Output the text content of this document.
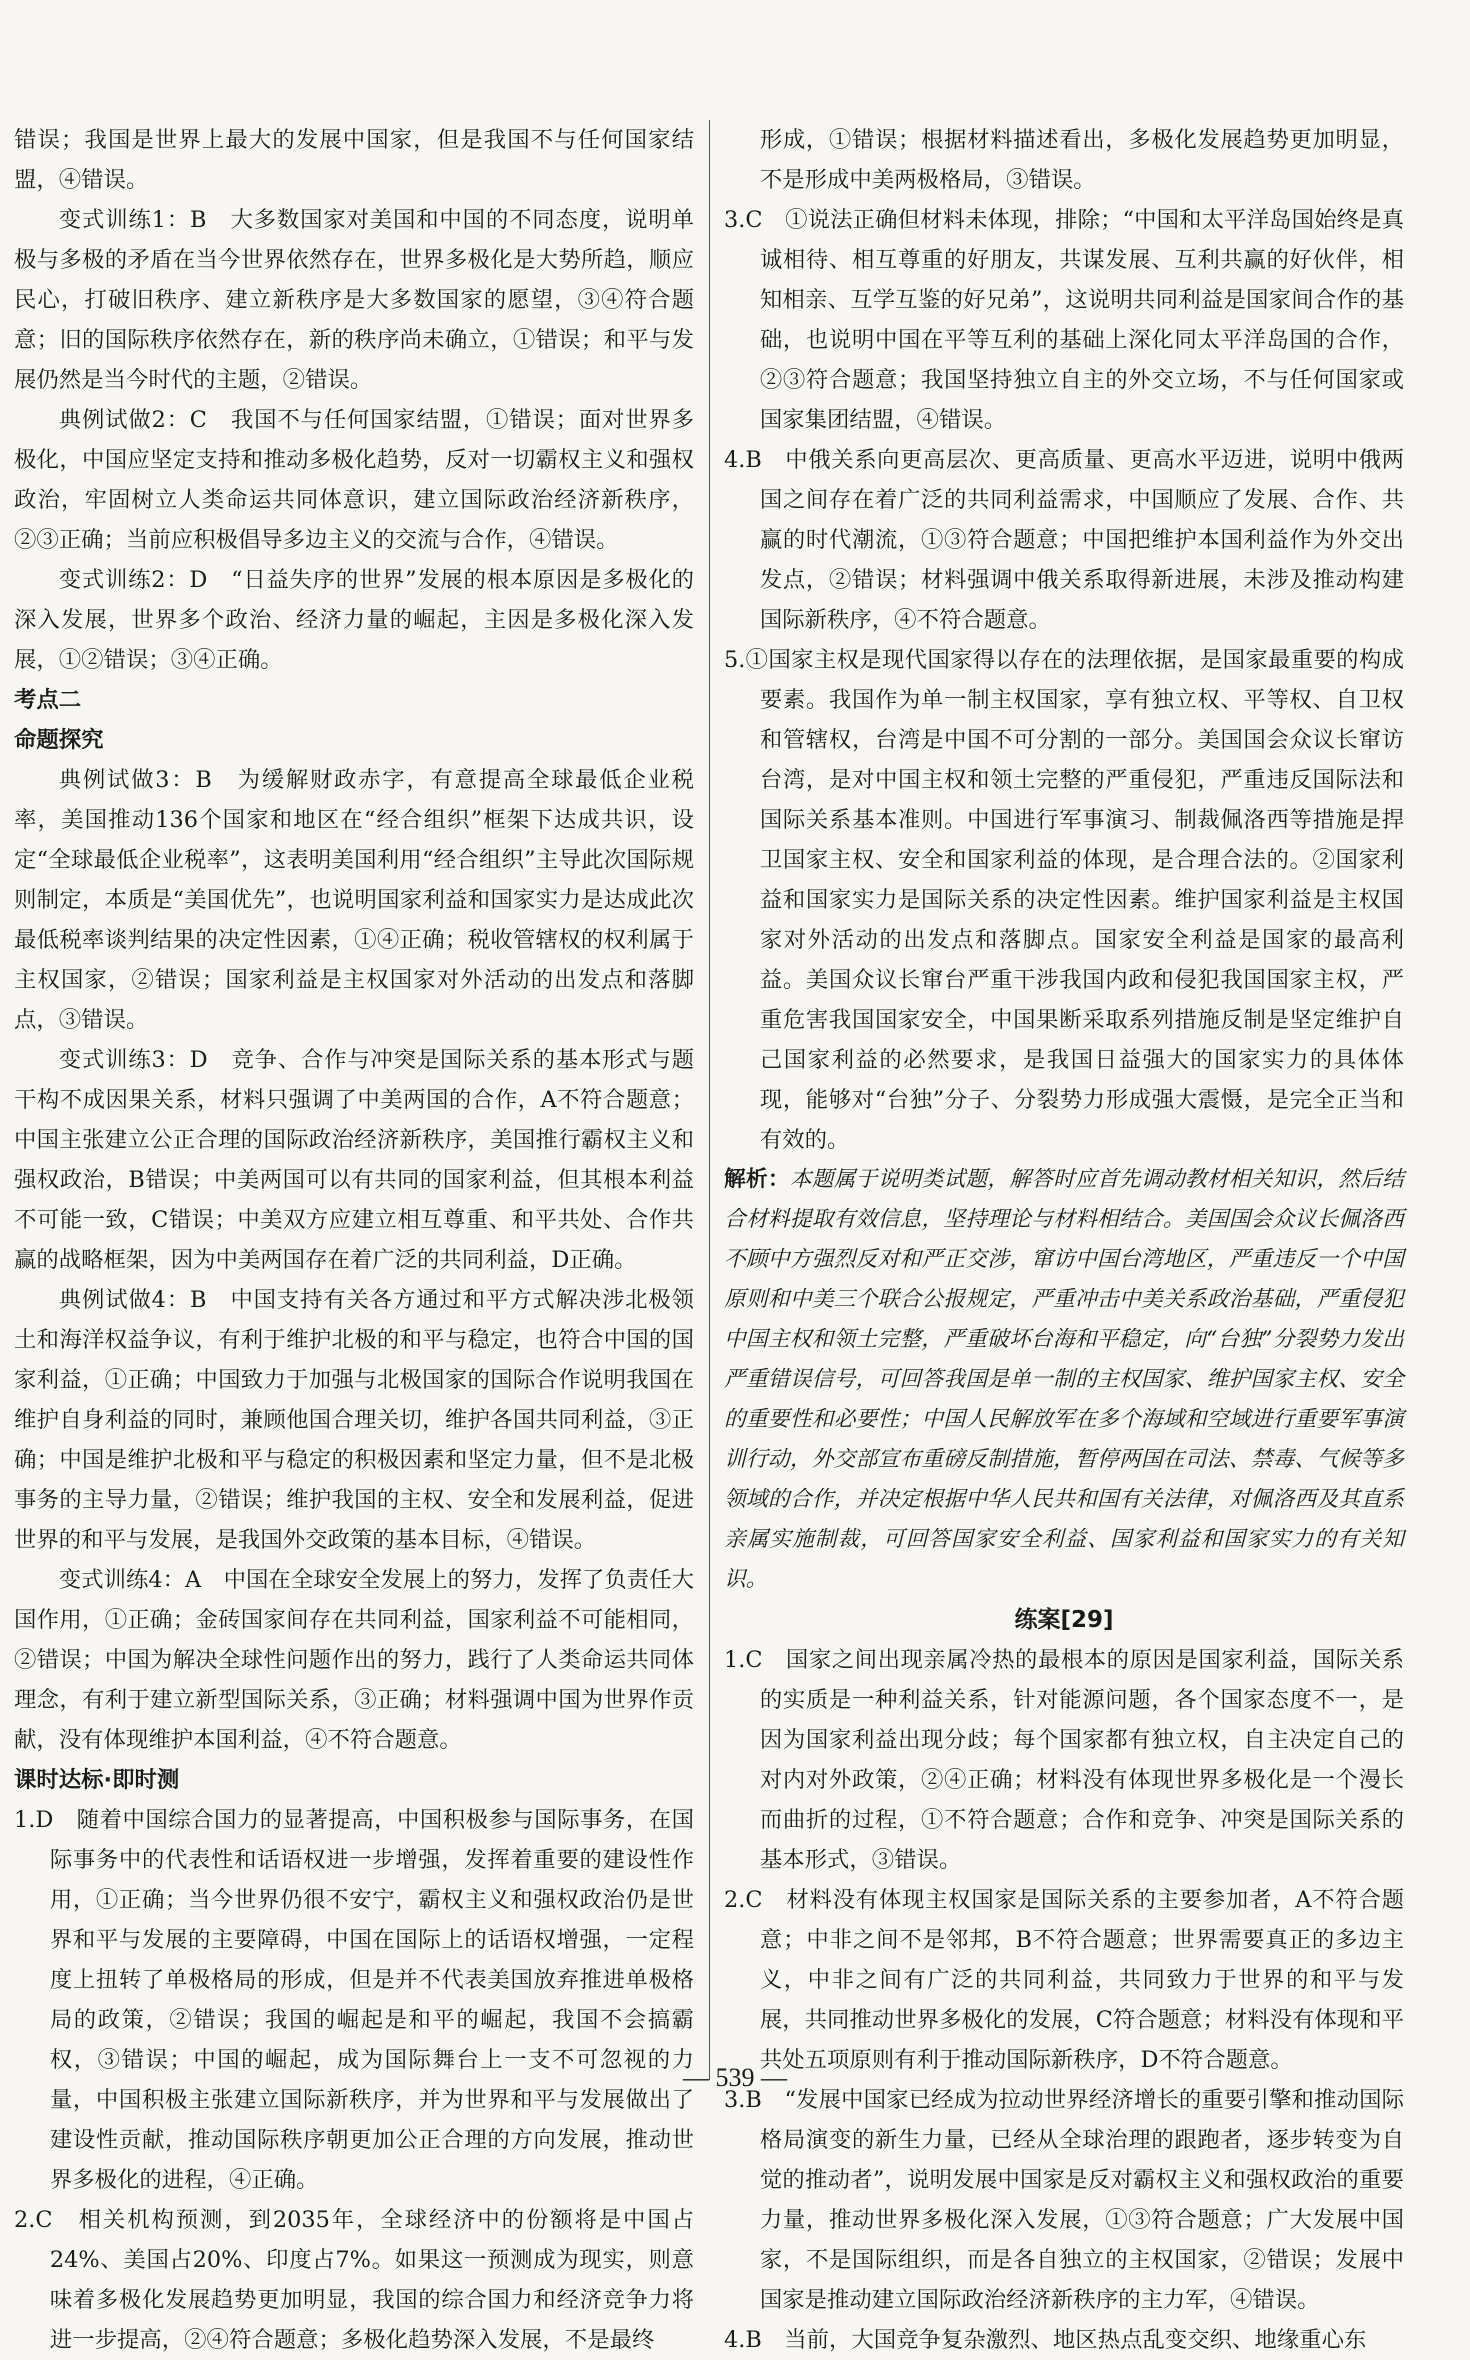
错误；我国是世界上最大的发展中国家，但是我国不与任何国家结盟，④错误。

变式训练1：B　大多数国家对美国和中国的不同态度，说明单极与多极的矛盾在当今世界依然存在，世界多极化是大势所趋，顺应民心，打破旧秩序、建立新秩序是大多数国家的愿望，③④符合题意；旧的国际秩序依然存在，新的秩序尚未确立，①错误；和平与发展仍然是当今时代的主题，②错误。

典例试做2：C　我国不与任何国家结盟，①错误；面对世界多极化，中国应坚定支持和推动多极化趋势，反对一切霸权主义和强权政治，牢固树立人类命运共同体意识，建立国际政治经济新秩序，②③正确；当前应积极倡导多边主义的交流与合作，④错误。

变式训练2：D　“日益失序的世界”发展的根本原因是多极化的深入发展，世界多个政治、经济力量的崛起，主因是多极化深入发展，①②错误；③④正确。

考点二

命题探究

典例试做3：B　为缓解财政赤字，有意提高全球最低企业税率，美国推动136个国家和地区在“经合组织”框架下达成共识，设定“全球最低企业税率”，这表明美国利用“经合组织”主导此次国际规则制定，本质是“美国优先”，也说明国家利益和国家实力是达成此次最低税率谈判结果的决定性因素，①④正确；税收管辖权的权利属于主权国家，②错误；国家利益是主权国家对外活动的出发点和落脚点，③错误。

变式训练3：D　竞争、合作与冲突是国际关系的基本形式与题干构不成因果关系，材料只强调了中美两国的合作，A不符合题意；中国主张建立公正合理的国际政治经济新秩序，美国推行霸权主义和强权政治，B错误；中美两国可以有共同的国家利益，但其根本利益不可能一致，C错误；中美双方应建立相互尊重、和平共处、合作共赢的战略框架，因为中美两国存在着广泛的共同利益，D正确。

典例试做4：B　中国支持有关各方通过和平方式解决涉北极领土和海洋权益争议，有利于维护北极的和平与稳定，也符合中国的国家利益，①正确；中国致力于加强与北极国家的国际合作说明我国在维护自身利益的同时，兼顾他国合理关切，维护各国共同利益，③正确；中国是维护北极和平与稳定的积极因素和坚定力量，但不是北极事务的主导力量，②错误；维护我国的主权、安全和发展利益，促进世界的和平与发展，是我国外交政策的基本目标，④错误。

变式训练4：A　中国在全球安全发展上的努力，发挥了负责任大国作用，①正确；金砖国家间存在共同利益，国家利益不可能相同，②错误；中国为解决全球性问题作出的努力，践行了人类命运共同体理念，有利于建立新型国际关系，③正确；材料强调中国为世界作贡献，没有体现维护本国利益，④不符合题意。

课时达标·即时测

1.D　随着中国综合国力的显著提高，中国积极参与国际事务，在国际事务中的代表性和话语权进一步增强，发挥着重要的建设性作用，①正确；当今世界仍很不安宁，霸权主义和强权政治仍是世界和平与发展的主要障碍，中国在国际上的话语权增强，一定程度上扭转了单极格局的形成，但是并不代表美国放弃推进单极格局的政策，②错误；我国的崛起是和平的崛起，我国不会搞霸权，③错误；中国的崛起，成为国际舞台上一支不可忽视的力量，中国积极主张建立国际新秩序，并为世界和平与发展做出了建设性贡献，推动国际秩序朝更加公正合理的方向发展，推动世界多极化的进程，④正确。

2.C　相关机构预测，到2035年，全球经济中的份额将是中国占24%、美国占20%、印度占7%。如果这一预测成为现实，则意味着多极化发展趋势更加明显，我国的综合国力和经济竞争力将进一步提高，②④符合题意；多极化趋势深入发展，不是最终

形成，①错误；根据材料描述看出，多极化发展趋势更加明显，不是形成中美两极格局，③错误。

3.C　①说法正确但材料未体现，排除；“中国和太平洋岛国始终是真诚相待、相互尊重的好朋友，共谋发展、互利共赢的好伙伴，相知相亲、互学互鉴的好兄弟”，这说明共同利益是国家间合作的基础，也说明中国在平等互利的基础上深化同太平洋岛国的合作，②③符合题意；我国坚持独立自主的外交立场，不与任何国家或国家集团结盟，④错误。

4.B　中俄关系向更高层次、更高质量、更高水平迈进，说明中俄两国之间存在着广泛的共同利益需求，中国顺应了发展、合作、共赢的时代潮流，①③符合题意；中国把维护本国利益作为外交出发点，②错误；材料强调中俄关系取得新进展，未涉及推动构建国际新秩序，④不符合题意。

5.①国家主权是现代国家得以存在的法理依据，是国家最重要的构成要素。我国作为单一制主权国家，享有独立权、平等权、自卫权和管辖权，台湾是中国不可分割的一部分。美国国会众议长窜访台湾，是对中国主权和领土完整的严重侵犯，严重违反国际法和国际关系基本准则。中国进行军事演习、制裁佩洛西等措施是捍卫国家主权、安全和国家利益的体现，是合理合法的。②国家利益和国家实力是国际关系的决定性因素。维护国家利益是主权国家对外活动的出发点和落脚点。国家安全利益是国家的最高利益。美国众议长窜台严重干涉我国内政和侵犯我国国家主权，严重危害我国国家安全，中国果断采取系列措施反制是坚定维护自己国家利益的必然要求，是我国日益强大的国家实力的具体体现，能够对“台独”分子、分裂势力形成强大震慑，是完全正当和有效的。

解析：本题属于说明类试题，解答时应首先调动教材相关知识，然后结合材料提取有效信息，坚持理论与材料相结合。美国国会众议长佩洛西不顾中方强烈反对和严正交涉，窜访中国台湾地区，严重违反一个中国原则和中美三个联合公报规定，严重冲击中美关系政治基础，严重侵犯中国主权和领土完整，严重破坏台海和平稳定，向“台独”分裂势力发出严重错误信号，可回答我国是单一制的主权国家、维护国家主权、安全的重要性和必要性；中国人民解放军在多个海域和空域进行重要军事演训行动，外交部宣布重磅反制措施，暂停两国在司法、禁毒、气候等多领域的合作，并决定根据中华人民共和国有关法律，对佩洛西及其直系亲属实施制裁，可回答国家安全利益、国家利益和国家实力的有关知识。

练案[29]

1.C　国家之间出现亲属冷热的最根本的原因是国家利益，国际关系的实质是一种利益关系，针对能源问题，各个国家态度不一，是因为国家利益出现分歧；每个国家都有独立权，自主决定自己的对内对外政策，②④正确；材料没有体现世界多极化是一个漫长而曲折的过程，①不符合题意；合作和竞争、冲突是国际关系的基本形式，③错误。

2.C　材料没有体现主权国家是国际关系的主要参加者，A不符合题意；中非之间不是邻邦，B不符合题意；世界需要真正的多边主义，中非之间有广泛的共同利益，共同致力于世界的和平与发展，共同推动世界多极化的发展，C符合题意；材料没有体现和平共处五项原则有利于推动国际新秩序，D不符合题意。

3.B　“发展中国家已经成为拉动世界经济增长的重要引擎和推动国际格局演变的新生力量，已经从全球治理的跟跑者，逐步转变为自觉的推动者”，说明发展中国家是反对霸权主义和强权政治的重要力量，推动世界多极化深入发展，①③符合题意；广大发展中国家，不是国际组织，而是各自独立的主权国家，②错误；发展中国家是推动建立国际政治经济新秩序的主力军，④错误。

4.B　当前，大国竞争复杂激烈、地区热点乱变交织、地缘重心东

— 539 —
